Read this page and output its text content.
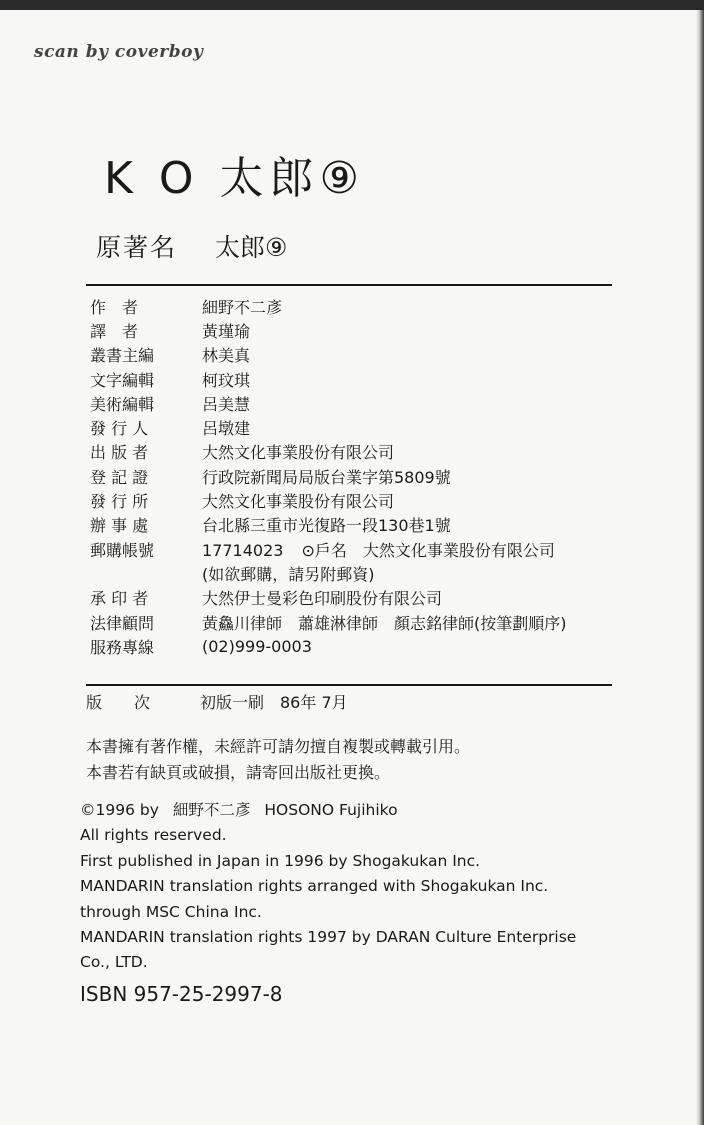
scan by coverboy
K O 太郎⑨
原著名 太郎⑨
作　者	細野不二彥
譯　者	黃瑾瑜
叢書主編	林美真
文字編輯	柯玟琪
美術編輯	呂美慧
發 行 人	呂墩建
出 版 者	大然文化事業股份有限公司
登 記 證	行政院新聞局局版台業字第5809號
發 行 所	大然文化事業股份有限公司
辦 事 處	台北縣三重市光復路一段130巷1號
郵購帳號	17714023 ⊙戶名　大然文化事業股份有限公司
(如欲郵購，請另附郵資)
承 印 者	大然伊士曼彩色印刷股份有限公司
法律顧問	黃鱻川律師　蕭雄淋律師　顏志銘律師(按筆劃順序)
服務專線	(02)999-0003
版　　次	初版一刷　86年 7月
本書擁有著作權，未經許可請勿擅自複製或轉載引用。
本書若有缺頁或破損，請寄回出版社更換。
©1996 by 細野不二彥 HOSONO Fujihiko
All rights reserved.
First published in Japan in 1996 by Shogakukan Inc.
MANDARIN translation rights arranged with Shogakukan Inc.
through MSC China Inc.
MANDARIN translation rights 1997 by DARAN Culture Enterprise
Co., LTD.
ISBN 957-25-2997-8
